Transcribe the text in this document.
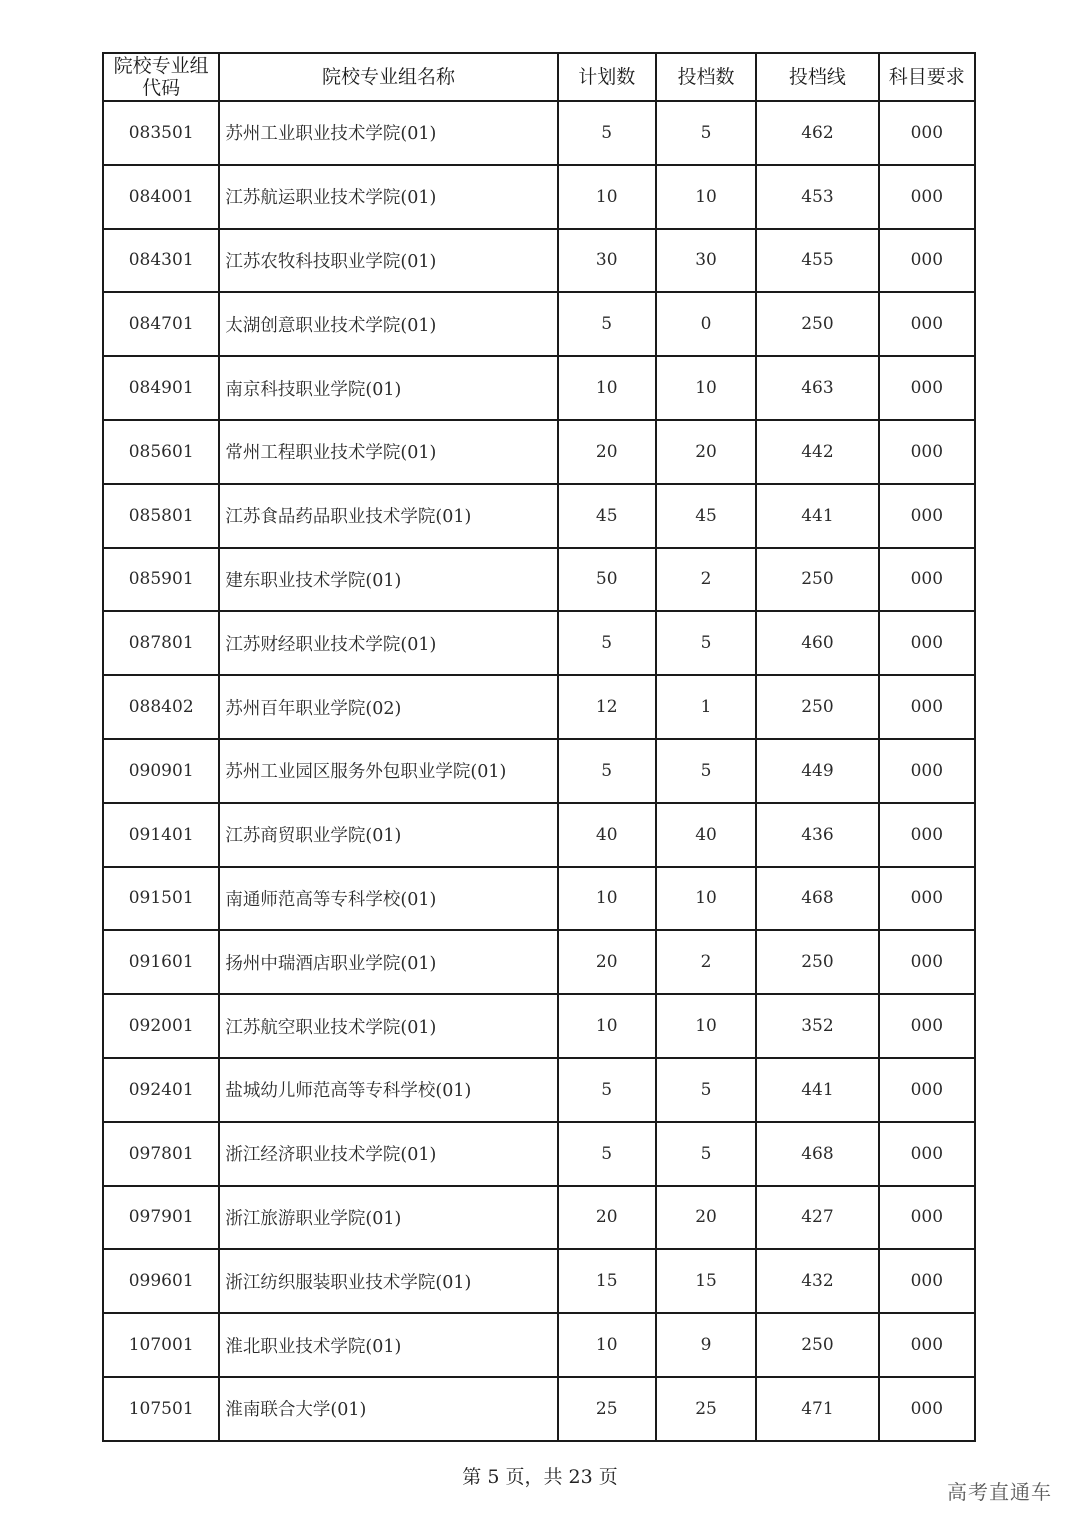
院校专业组代码	院校专业组名称	计划数	投档数	投档线	科目要求
083501	苏州工业职业技术学院(01)	5	5	462	000
084001	江苏航运职业技术学院(01)	10	10	453	000
084301	江苏农牧科技职业学院(01)	30	30	455	000
084701	太湖创意职业技术学院(01)	5	0	250	000
084901	南京科技职业学院(01)	10	10	463	000
085601	常州工程职业技术学院(01)	20	20	442	000
085801	江苏食品药品职业技术学院(01)	45	45	441	000
085901	建东职业技术学院(01)	50	2	250	000
087801	江苏财经职业技术学院(01)	5	5	460	000
088402	苏州百年职业学院(02)	12	1	250	000
090901	苏州工业园区服务外包职业学院(01)	5	5	449	000
091401	江苏商贸职业学院(01)	40	40	436	000
091501	南通师范高等专科学校(01)	10	10	468	000
091601	扬州中瑞酒店职业学院(01)	20	2	250	000
092001	江苏航空职业技术学院(01)	10	10	352	000
092401	盐城幼儿师范高等专科学校(01)	5	5	441	000
097801	浙江经济职业技术学院(01)	5	5	468	000
097901	浙江旅游职业学院(01)	20	20	427	000
099601	浙江纺织服装职业技术学院(01)	15	15	432	000
107001	淮北职业技术学院(01)	10	9	250	000
107501	淮南联合大学(01)	25	25	471	000
第 5 页，共 23 页
高考直通车
